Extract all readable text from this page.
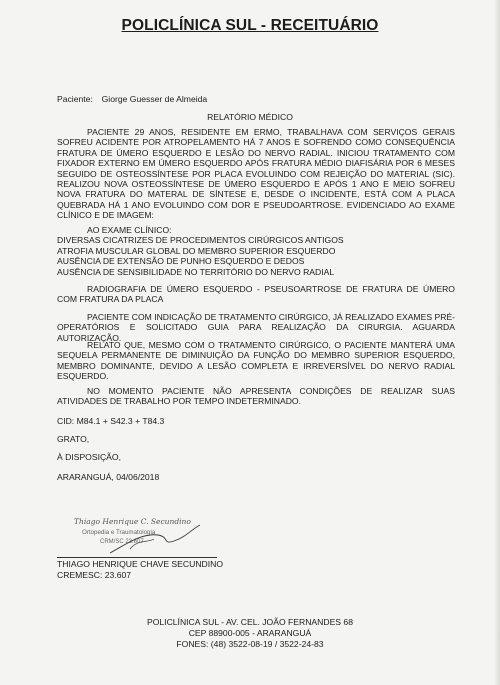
POLICLÍNICA SUL - RECEITUÁRIO
Paciente: Giorge Guesser de Almeida
RELATÓRIO MÉDICO
PACIENTE 29 ANOS, RESIDENTE EM ERMO, TRABALHAVA COM SERVIÇOS GERAIS SOFREU ACIDENTE POR ATROPELAMENTO HÁ 7 ANOS E SOFRENDO COMO CONSEQUÊNCIA FRATURA DE ÚMERO ESQUERDO E LESÃO DO NERVO RADIAL. INICIOU TRATAMENTO COM FIXADOR EXTERNO EM ÚMERO ESQUERDO APÓS FRATURA MÉDIO DIAFISÁRIA POR 6 MESES SEGUIDO DE OSTEOSSÍNTESE POR PLACA EVOLUINDO COM REJEIÇÃO DO MATERIAL (SIC). REALIZOU NOVA OSTEOSSÍNTESE DE ÚMERO ESQUERDO E APÓS 1 ANO E MEIO SOFREU NOVA FRATURA DO MATERAL DE SÍNTESE E, DESDE O INCIDENTE, ESTÁ COM A PLACA QUEBRADA HÁ 1 ANO EVOLUINDO COM DOR E PSEUDOARTROSE. EVIDENCIADO AO EXAME CLÍNICO E DE IMAGEM:
AO EXAME CLÍNICO:
DIVERSAS CICATRIZES DE PROCEDIMENTOS CIRÚRGICOS ANTIGOS
ATROFIA MUSCULAR GLOBAL DO MEMBRO SUPERIOR ESQUERDO
AUSÊNCIA DE EXTENSÃO DE PUNHO ESQUERDO E DEDOS
AUSÊNCIA DE SENSIBILIDADE NO TERRITÓRIO DO NERVO RADIAL
RADIOGRAFIA DE ÚMERO ESQUERDO - PSEUSOARTROSE DE FRATURA DE ÚMERO COM FRATURA DA PLACA
PACIENTE COM INDICAÇÃO DE TRATAMENTO CIRÚRGICO, JÁ REALIZADO EXAMES PRÉ-OPERATÓRIOS E SOLICITADO GUIA PARA REALIZAÇÃO DA CIRURGIA. AGUARDA AUTORIZAÇÃO.
RELATO QUE, MESMO COM O TRATAMENTO CIRÚRGICO, O PACIENTE MANTERÁ UMA SEQUELA PERMANENTE DE DIMINUIÇÃO DA FUNÇÃO DO MEMBRO SUPERIOR ESQUERDO, MEMBRO DOMINANTE, DEVIDO A LESÃO COMPLETA E IRREVERSÍVEL DO NERVO RADIAL ESQUERDO.
NO MOMENTO PACIENTE NÃO APRESENTA CONDIÇÕES DE REALIZAR SUAS ATIVIDADES DE TRABALHO POR TEMPO INDETERMINADO.
CID: M84.1 + S42.3 + T84.3
GRATO,
À DISPOSIÇÃO,
ARARANGUÁ, 04/06/2018
Thiago Henrique C. Secundino
Ortopedia e Traumatologia
CRM/SC 23.607
THIAGO HENRIQUE CHAVE SECUNDINO
CREMESC: 23.607
POLICLÍNICA SUL - AV. CEL. JOÃO FERNANDES 68
CEP 88900-005 - ARARANGUÁ
FONES: (48) 3522-08-19 / 3522-24-83
